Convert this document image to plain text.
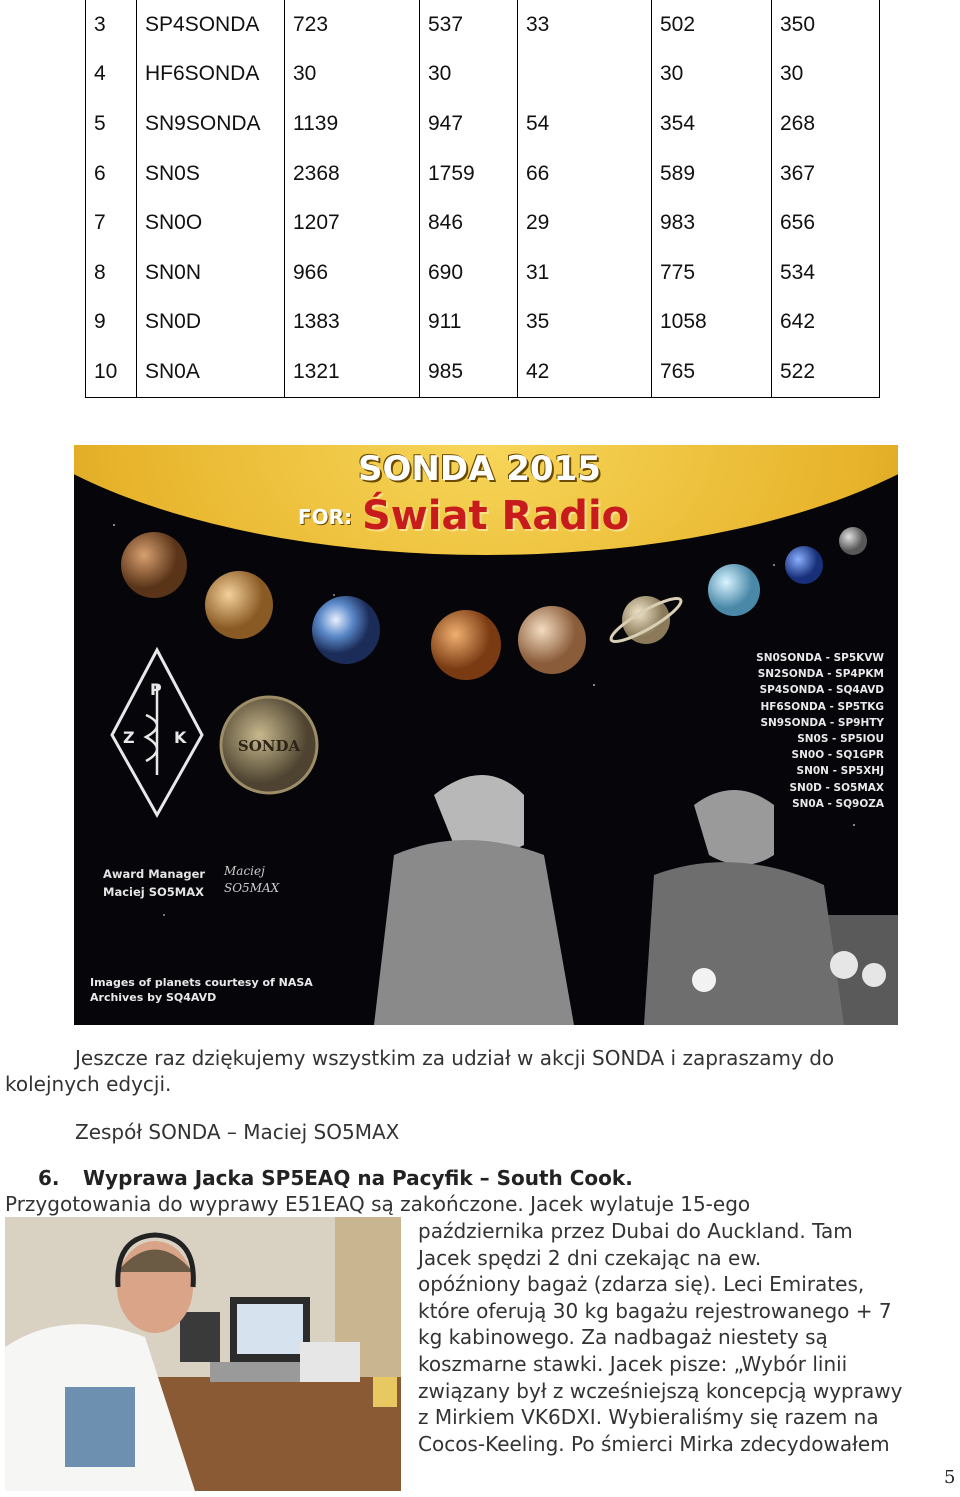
3	SP4SONDA	723	537	33	502	350
4	HF6SONDA	30	30		30	30
5	SN9SONDA	1139	947	54	354	268
6	SN0S	2368	1759	66	589	367
7	SN0O	1207	846	29	983	656
8	SN0N	966	690	31	775	534
9	SN0D	1383	911	35	1058	642
10	SN0A	1321	985	42	765	522
SONDA 2015
FOR: Świat Radio
P
Z K	SONDA
SN0SONDA - SP5KVW
SN2SONDA - SP4PKM
SP4SONDA - SQ4AVD
HF6SONDA - SP5TKG
SN9SONDA - SP9HTY
SN0S - SP5IOU
SN0O - SQ1GPR
SN0N - SP5XHJ
SN0D - SO5MAX
SN0A - SQ9OZA
Award Manager
Maciej SO5MAX
Maciej
SO5MAX
Images of planets courtesy of NASA
Archives by SQ4AVD
Jeszcze raz dziękujemy wszystkim za udział w akcji SONDA i zapraszamy do
kolejnych edycji.
Zespół SONDA – Maciej SO5MAX
6. Wyprawa Jacka SP5EAQ na Pacyfik – South Cook.
Przygotowania do wyprawy E51EAQ są zakończone. Jacek wylatuje 15-ego
października przez Dubai do Auckland. Tam
Jacek spędzi 2 dni czekając na ew.
opóźniony bagaż (zdarza się). Leci Emirates,
które oferują 30 kg bagażu rejestrowanego + 7
kg kabinowego. Za nadbagaż niestety są
koszmarne stawki. Jacek pisze: „Wybór linii
związany był z wcześniejszą koncepcją wyprawy
z Mirkiem VK6DXI. Wybieraliśmy się razem na
Cocos-Keeling. Po śmierci Mirka zdecydowałem
5
